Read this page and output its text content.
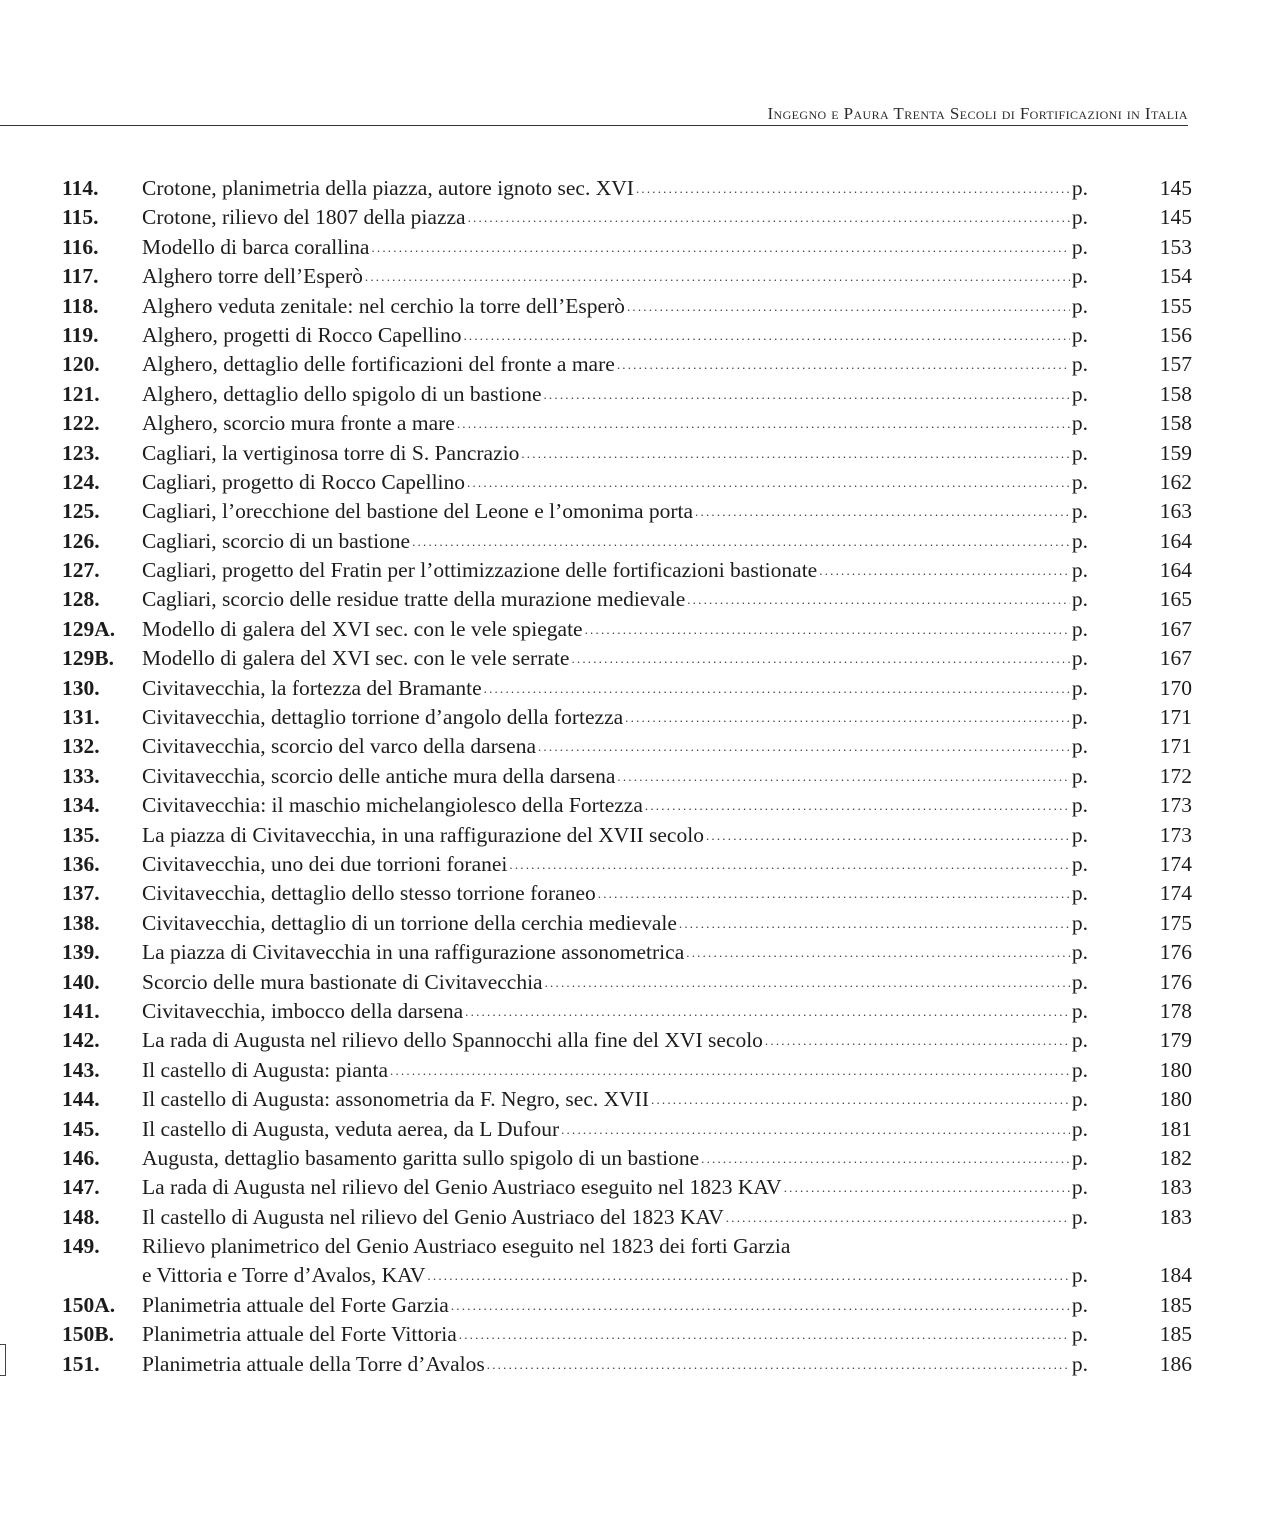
Ingegno e Paura Trenta Secoli di Fortificazioni in Italia
114. Crotone, planimetria della piazza, autore ignoto sec. XVI .....	p.	145
115. Crotone, rilievo del 1807 della piazza .....	p.	145
116. Modello di barca corallina .....	p.	153
117. Alghero torre dell’Esperò .....	p.	154
118. Alghero veduta zenitale: nel cerchio la torre dell’Esperò .....	p.	155
119. Alghero, progetti di Rocco Capellino .....	p.	156
120. Alghero, dettaglio delle fortificazioni del fronte a mare .....	p.	157
121. Alghero, dettaglio dello spigolo di un bastione .....	p.	158
122. Alghero, scorcio mura fronte a mare .....	p.	158
123. Cagliari, la vertiginosa torre di S. Pancrazio .....	p.	159
124. Cagliari, progetto di Rocco Capellino .....	p.	162
125. Cagliari, l’orecchione del bastione del Leone e l’omonima porta .....	p.	163
126. Cagliari, scorcio di un bastione .....	p.	164
127. Cagliari, progetto del Fratin per l’ottimizzazione delle fortificazioni bastionate .....	p.	164
128. Cagliari, scorcio delle residue tratte della murazione medievale .....	p.	165
129A. Modello di galera del XVI sec. con le vele spiegate .....	p.	167
129B. Modello di galera del XVI sec. con le vele serrate .....	p.	167
130. Civitavecchia, la fortezza del Bramante .....	p.	170
131. Civitavecchia, dettaglio torrione d’angolo della fortezza .....	p.	171
132. Civitavecchia, scorcio del varco della darsena .....	p.	171
133. Civitavecchia, scorcio delle antiche mura della darsena .....	p.	172
134. Civitavecchia: il maschio michelangiolesco della Fortezza .....	p.	173
135. La piazza di Civitavecchia, in una raffigurazione del XVII secolo .....	p.	173
136. Civitavecchia, uno dei due torrioni foranei .....	p.	174
137. Civitavecchia, dettaglio dello stesso torrione foraneo .....	p.	174
138. Civitavecchia, dettaglio di un torrione della cerchia medievale .....	p.	175
139. La piazza di Civitavecchia in una raffigurazione assonometrica .....	p.	176
140. Scorcio delle mura bastionate di Civitavecchia .....	p.	176
141. Civitavecchia, imbocco della darsena .....	p.	178
142. La rada di Augusta nel rilievo dello Spannocchi alla fine del XVI secolo .....	p.	179
143. Il castello di Augusta: pianta .....	p.	180
144. Il castello di Augusta: assonometria da F. Negro, sec. XVII .....	p.	180
145. Il castello di Augusta, veduta aerea, da L Dufour .....	p.	181
146. Augusta, dettaglio basamento garitta sullo spigolo di un bastione .....	p.	182
147. La rada di Augusta nel rilievo del Genio Austriaco eseguito nel 1823 KAV .....	p.	183
148. Il castello di Augusta nel rilievo del Genio Austriaco del 1823 KAV .....	p.	183
149. Rilievo planimetrico del Genio Austriaco eseguito nel 1823 dei forti Garzia
e Vittoria e Torre d’Avalos, KAV .....	p.	184
150A. Planimetria attuale del Forte Garzia .....	p.	185
150B. Planimetria attuale del Forte Vittoria .....	p.	185
151. Planimetria attuale della Torre d’Avalos .....	p.	186
